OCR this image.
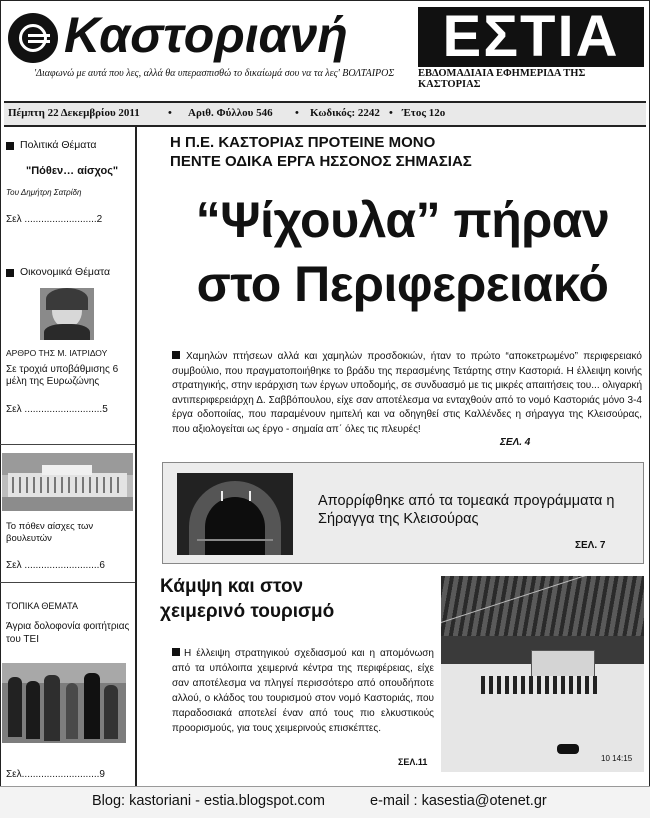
Καστοριανή	ΕΣΤΙΑ
'Διαφωνώ με αυτά που λες, αλλά θα υπερασπισθώ το δικαίωμά σου να τα λες' ΒΟΛΤΑΙΡΟΣ ΕΒΔΟΜΑΔΙΑΙΑ ΕΦΗΜΕΡΙΔΑ ΤΗΣ ΚΑΣΤΟΡΙΑΣ
Πέμπτη 22 Δεκεμβρίου 2011	• Αριθ. Φύλλου 546 • Κωδικός: 2242 • Έτος 12ο
Πολιτικά Θέματα
"Πόθεν… αίσχος"
Του Δημήτρη Σατρίδη
Σελ ..........................2
Οικονομικά Θέματα
ΑΡΘΡΟ ΤΗΣ Μ. ΙΑΤΡΙΔΟΥ
Σε τροχιά υποβάθμισης 6 μέλη της Ευρωζώνης
Σελ ............................5
Το πόθεν αίσχες των βουλευτών
Σελ ...........................6
ΤΟΠΙΚΑ ΘΕΜΑΤΑ
Άγρια δολοφονία φοιτήτριας του ΤΕΙ
Σελ............................9
Η Π.Ε. ΚΑΣΤΟΡΙΑΣ ΠΡΟΤΕΙΝΕ ΜΟΝΟ
ΠΕΝΤΕ ΟΔΙΚΑ ΕΡΓΑ ΗΣΣΟΝΟΣ ΣΗΜΑΣΙΑΣ
“Ψίχουλα” πήραν
στο Περιφερειακό
Χαμηλών πτήσεων αλλά και χαμηλών προσδοκιών, ήταν το πρώτο “αποκετρωμένο” περιφερειακό συμβούλιο, που πραγματοποιήθηκε το βράδυ της περασμένης Τετάρτης στην Καστοριά. Η έλλειψη κοινής στρατηγικής, στην ιεράρχιση των έργων υποδομής, σε συνδυασμό με τις μικρές απαιτήσεις του... ολιγαρκή αντιπεριφερειάρχη Δ. Σαββόπουλου, είχε σαν αποτέλεσμα να ενταχθούν από το νομό Καστοριάς μόνο 3-4 έργα οδοποιίας, που παραμένουν ημιτελή και να οδηγηθεί στις Καλλένδες η σήραγγα της Κλεισούρας, που αξιολογείται ως έργο - σημαία απ΄ όλες τις πλευρές!
ΣΕΛ. 4
Απορρίφθηκε από τα τομεακά προγράμματα η Σήραγγα της Κλεισούρας
ΣΕΛ. 7
Κάμψη και στον
χειμερινό τουρισμό
Η έλλειψη στρατηγικού σχεδιασμού και η απομόνωση από τα υπόλοιπα χειμερινά κέντρα της περιφέρειας, είχε σαν αποτέλεσμα να πληγεί περισσότερο από οπουδήποτε αλλού, ο κλάδος του τουρισμού στον νομό Καστοριάς, που παραδοσιακά αποτελεί έναν από τους πιο ελκυστικούς προορισμούς, για τους χειμερινούς επισκέπτες.
ΣΕΛ.11	10 14:15
Blog: kastoriani - estia.blogspot.com	e-mail : kasestia@otenet.gr
